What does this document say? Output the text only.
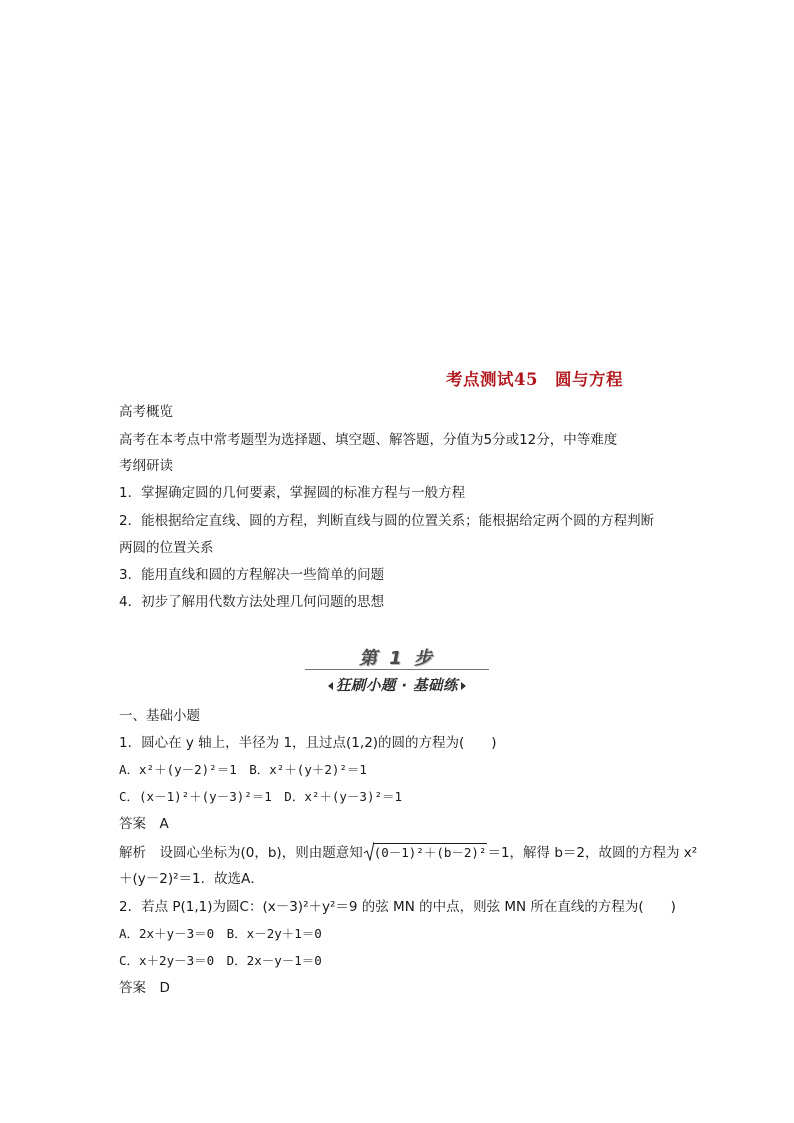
考点测试45　圆与方程
高考概览
高考在本考点中常考题型为选择题、填空题、解答题，分值为5分或12分，中等难度
考纲研读
1．掌握确定圆的几何要素，掌握圆的标准方程与一般方程
2．能根据给定直线、圆的方程，判断直线与圆的位置关系；能根据给定两个圆的方程判断
两圆的位置关系
3．能用直线和圆的方程解决一些简单的问题
4．初步了解用代数方法处理几何问题的思想
第 1 步
狂刷小题 · 基础练
一、基础小题
1．圆心在 y 轴上，半径为 1，且过点(1,2)的圆的方程为(　　)
A．x²＋(y－2)²＝1　B．x²＋(y＋2)²＝1
C．(x－1)²＋(y－3)²＝1　D．x²＋(y－3)²＝1
答案　A
解析　设圆心坐标为(0，b)，则由题意知 (0－1)²＋(b－2)²＝1，解得 b＝2，故圆的方程为 x²
＋(y－2)²＝1．故选A．
2．若点 P(1,1)为圆C：(x－3)²＋y²＝9 的弦 MN 的中点，则弦 MN 所在直线的方程为(　　)
A．2x＋y－3＝0　B．x－2y＋1＝0
C．x＋2y－3＝0　D．2x－y－1＝0
答案　D
